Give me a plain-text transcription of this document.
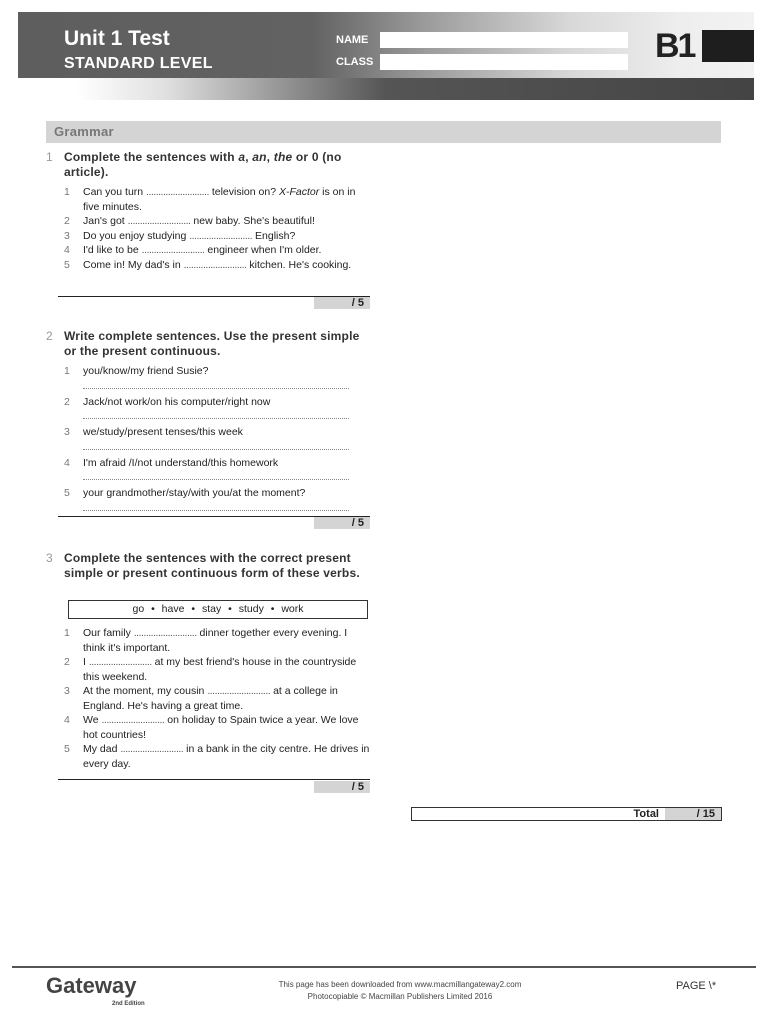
Unit 1 Test
STANDARD LEVEL
NAME
CLASS	B1
Grammar
1 Complete the sentences with a, an, the or 0 (no article).
1	Can you turn .......................... television on? X-Factor is on in five minutes.
2	Jan's got .......................... new baby. She's beautiful!
3	Do you enjoy studying .......................... English?
4	I'd like to be .......................... engineer when I'm older.
5	Come in! My dad's in .......................... kitchen. He's cooking.
/ 5
2 Write complete sentences. Use the present simple or the present continuous.
1	you/know/my friend Susie?
2	Jack/not work/on his computer/right now
3	we/study/present tenses/this week
4	I'm afraid /I/not understand/this homework
5	your grandmother/stay/with you/at the moment?
/ 5
3 Complete the sentences with the correct present simple or present continuous form of these verbs.
go • have • stay • study • work
1	Our family .......................... dinner together every evening. I think it's important.
2	I .......................... at my best friend's house in the countryside this weekend.
3	At the moment, my cousin .......................... at a college in England. He's having a great time.
4	We .......................... on holiday to Spain twice a year. We love hot countries!
5	My dad .......................... in a bank in the city centre. He drives in every day.
/ 5
Total	/ 15
Gateway
2nd Edition
This page has been downloaded from www.macmillangateway2.com
Photocopiable © Macmillan Publishers Limited 2016
PAGE \*
